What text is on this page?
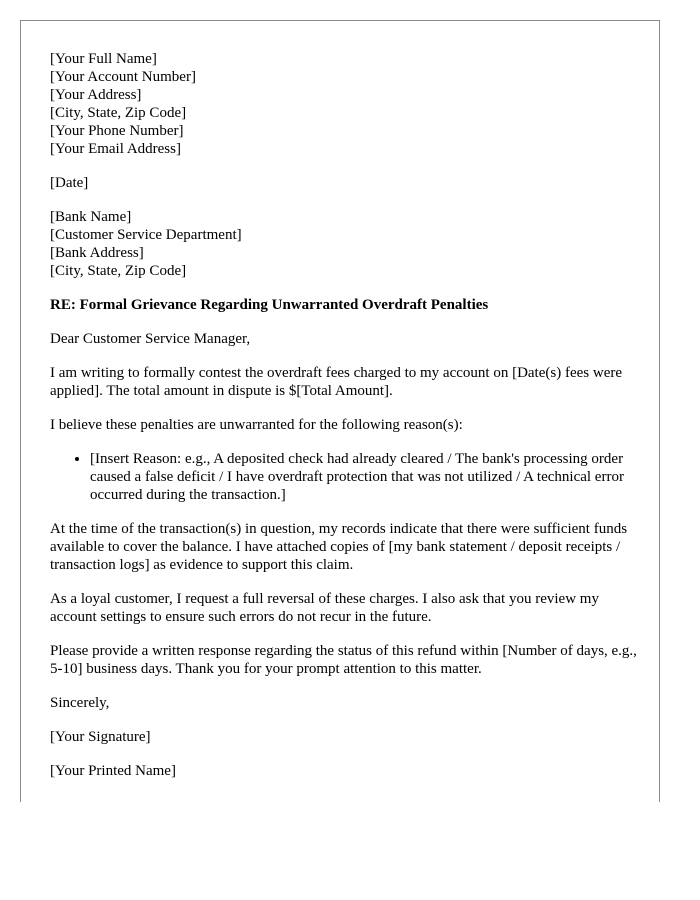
[Your Full Name]
[Your Account Number]
[Your Address]
[City, State, Zip Code]
[Your Phone Number]
[Your Email Address]
[Date]
[Bank Name]
[Customer Service Department]
[Bank Address]
[City, State, Zip Code]
RE: Formal Grievance Regarding Unwarranted Overdraft Penalties

Dear Customer Service Manager,

I am writing to formally contest the overdraft fees charged to my account on [Date(s) fees were applied]. The total amount in dispute is $[Total Amount].

I believe these penalties are unwarranted for the following reason(s):

• [Insert Reason: e.g., A deposited check had already cleared / The bank's processing order caused a false deficit / I have overdraft protection that was not utilized / A technical error occurred during the transaction.]

At the time of the transaction(s) in question, my records indicate that there were sufficient funds available to cover the balance. I have attached copies of [my bank statement / deposit receipts / transaction logs] as evidence to support this claim.

As a loyal customer, I request a full reversal of these charges. I also ask that you review my account settings to ensure such errors do not recur in the future.

Please provide a written response regarding the status of this refund within [Number of days, e.g., 5-10] business days. Thank you for your prompt attention to this matter.

Sincerely,

[Your Signature]

[Your Printed Name]
